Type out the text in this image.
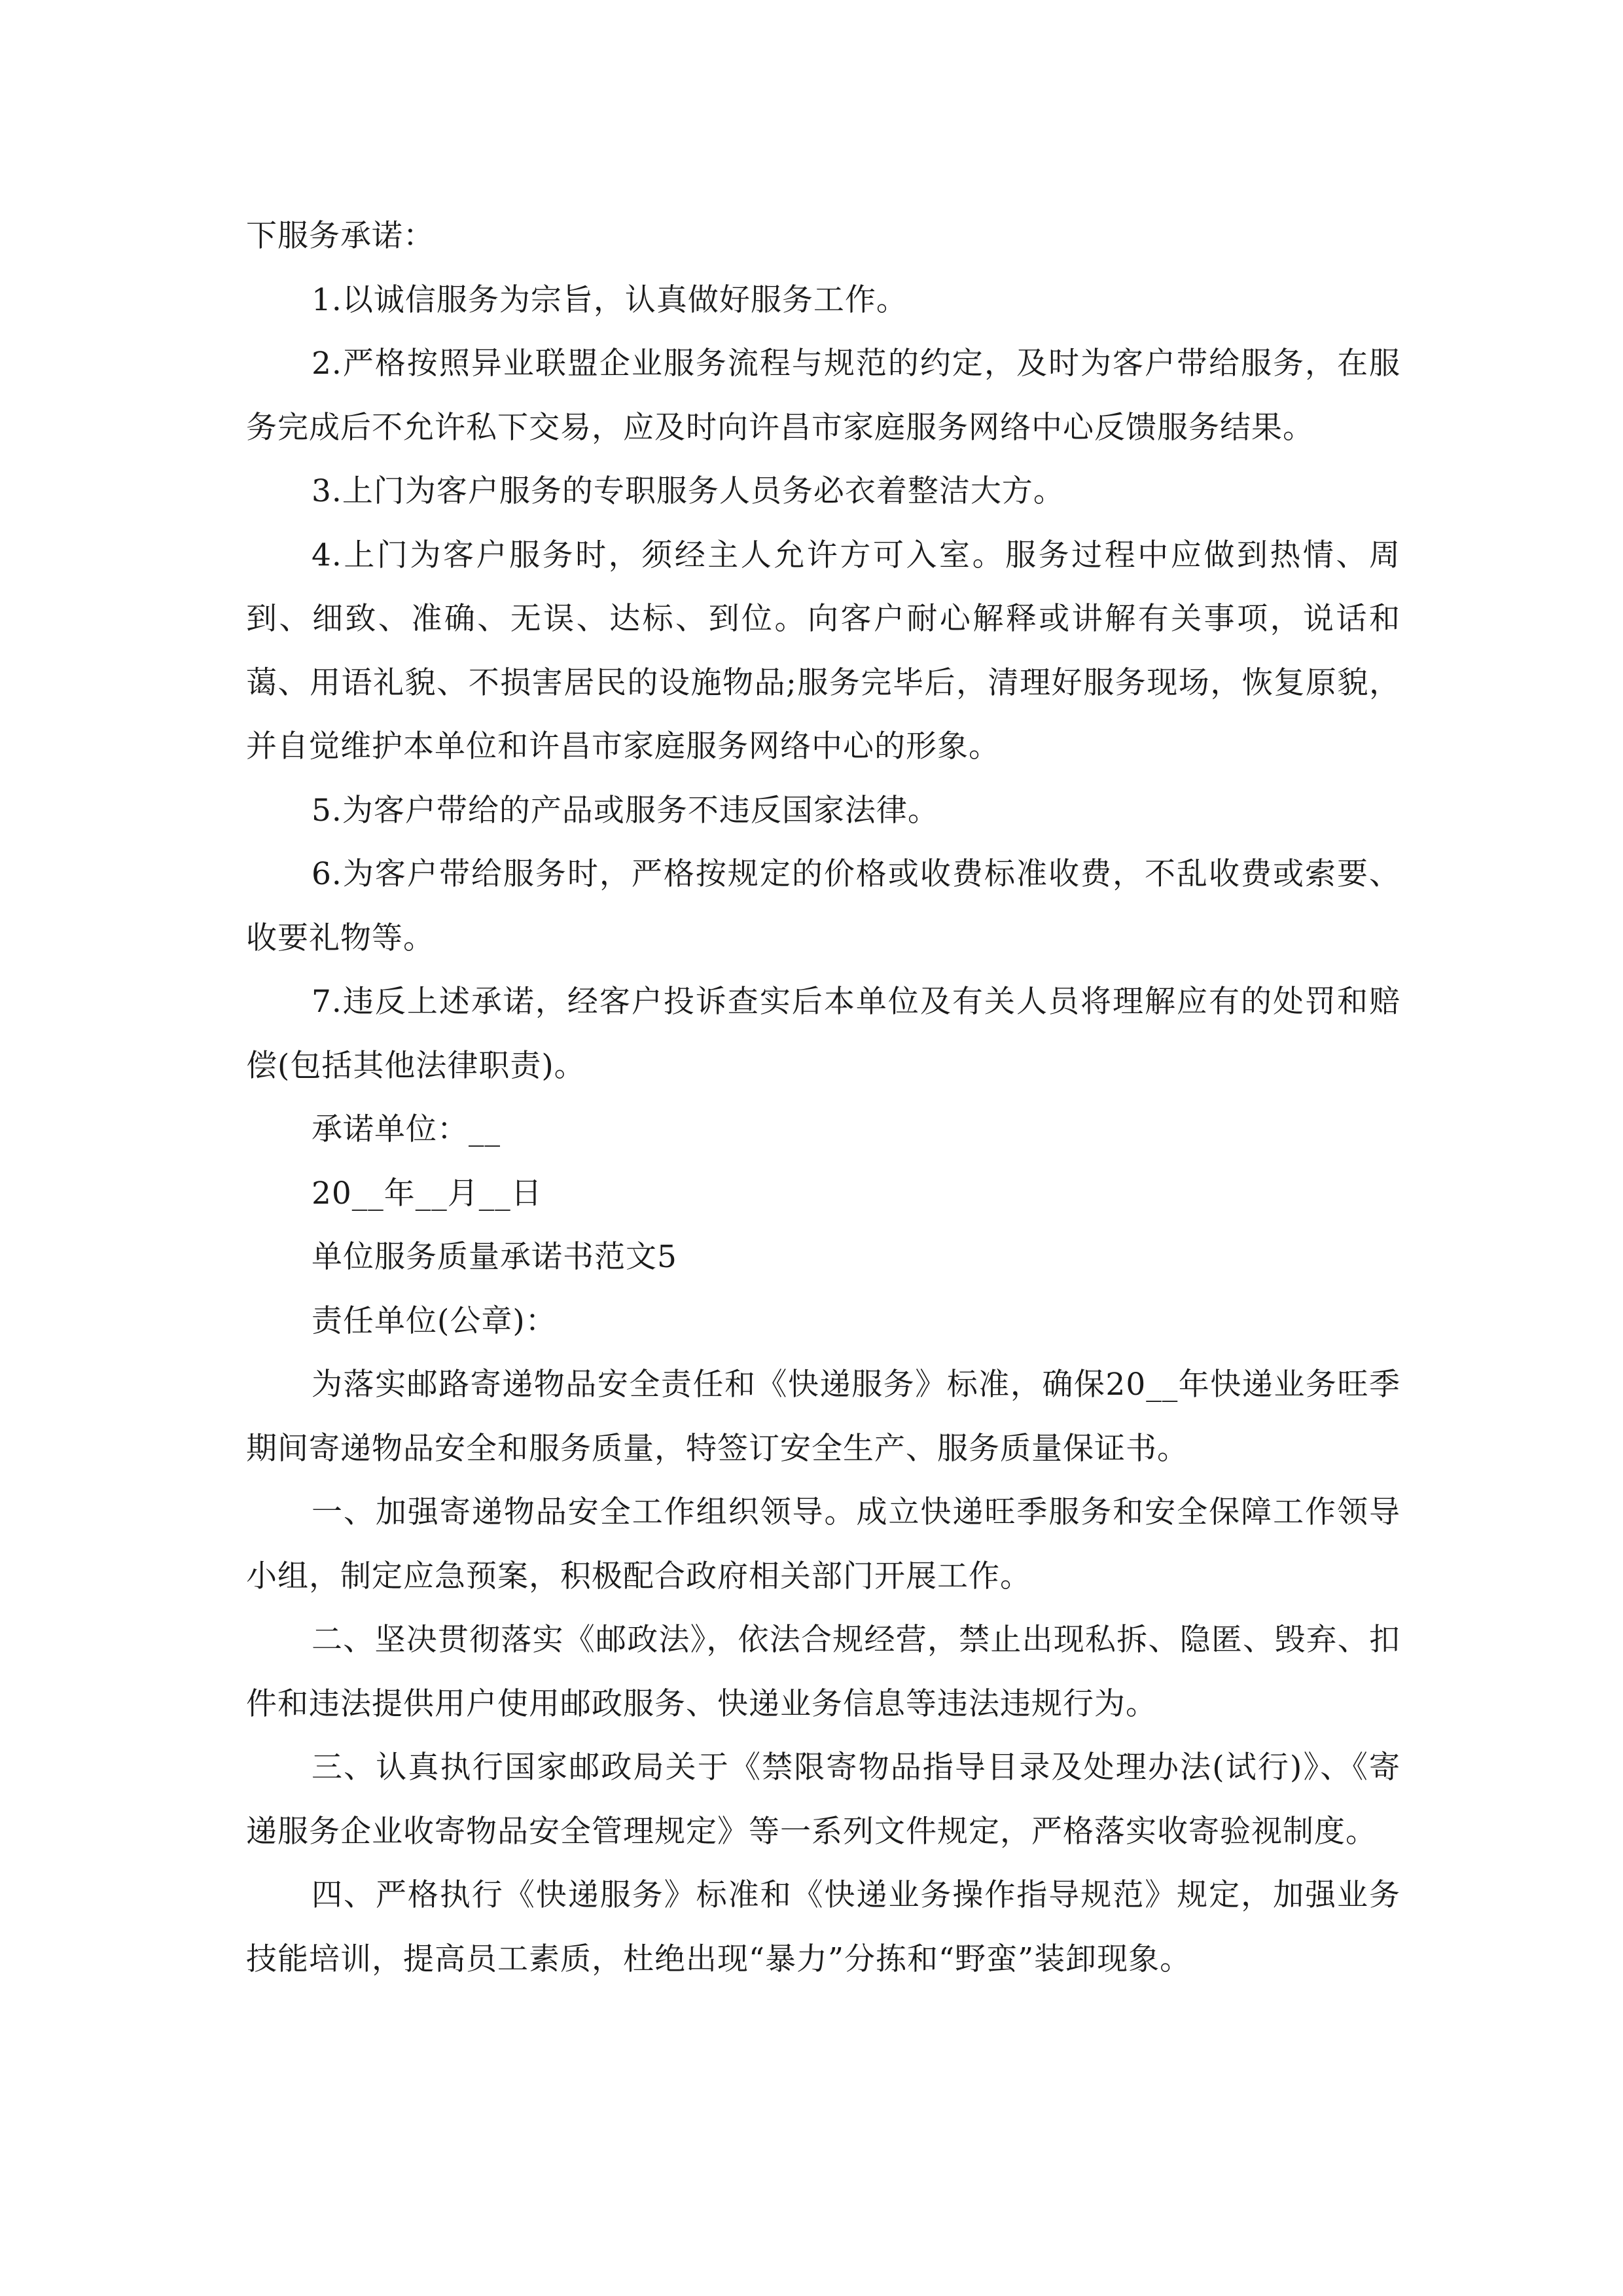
下服务承诺：

1.以诚信服务为宗旨，认真做好服务工作。

2.严格按照异业联盟企业服务流程与规范的约定，及时为客户带给服务，在服务完成后不允许私下交易，应及时向许昌市家庭服务网络中心反馈服务结果。

3.上门为客户服务的专职服务人员务必衣着整洁大方。

4.上门为客户服务时，须经主人允许方可入室。服务过程中应做到热情、周到、细致、准确、无误、达标、到位。向客户耐心解释或讲解有关事项，说话和蔼、用语礼貌、不损害居民的设施物品;服务完毕后，清理好服务现场，恢复原貌，并自觉维护本单位和许昌市家庭服务网络中心的形象。

5.为客户带给的产品或服务不违反国家法律。

6.为客户带给服务时，严格按规定的价格或收费标准收费，不乱收费或索要、收要礼物等。

7.违反上述承诺，经客户投诉查实后本单位及有关人员将理解应有的处罚和赔偿(包括其他法律职责)。

承诺单位：__

20__年__月__日

单位服务质量承诺书范文5

责任单位(公章)：

为落实邮路寄递物品安全责任和《快递服务》标准，确保20__年快递业务旺季期间寄递物品安全和服务质量，特签订安全生产、服务质量保证书。

一、加强寄递物品安全工作组织领导。成立快递旺季服务和安全保障工作领导小组，制定应急预案，积极配合政府相关部门开展工作。

二、坚决贯彻落实《邮政法》，依法合规经营，禁止出现私拆、隐匿、毁弃、扣件和违法提供用户使用邮政服务、快递业务信息等违法违规行为。

三、认真执行国家邮政局关于《禁限寄物品指导目录及处理办法(试行)》、《寄递服务企业收寄物品安全管理规定》等一系列文件规定，严格落实收寄验视制度。

四、严格执行《快递服务》标准和《快递业务操作指导规范》规定，加强业务技能培训，提高员工素质，杜绝出现“暴力”分拣和“野蛮”装卸现象。
